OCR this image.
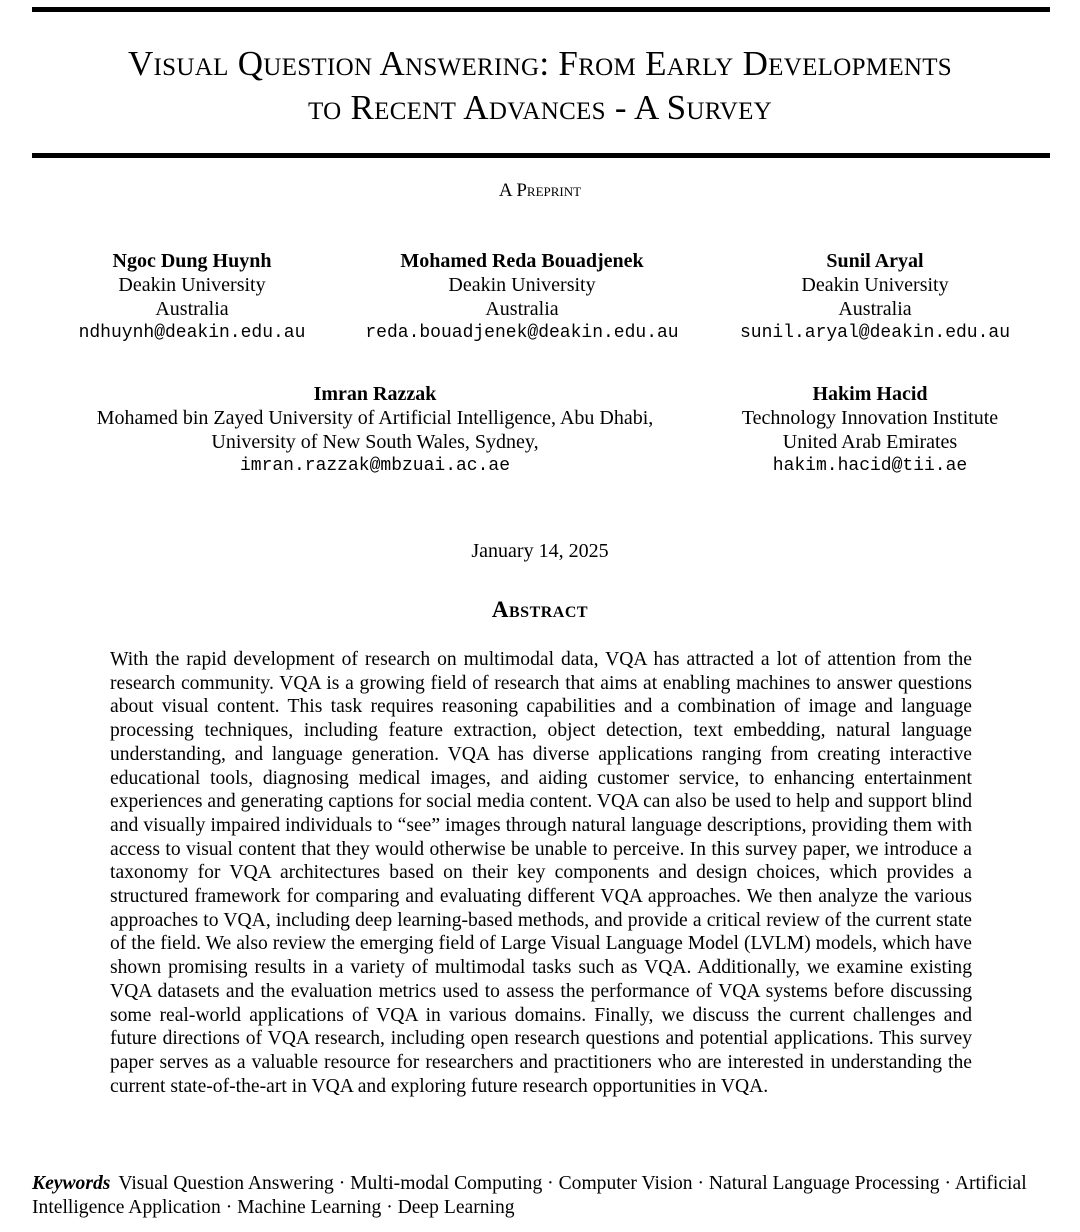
Visual Question Answering: From Early Developments
to Recent Advances - A Survey
A Preprint
Ngoc Dung Huynh
Deakin University
Australia
ndhuynh@deakin.edu.au
Mohamed Reda Bouadjenek
Deakin University
Australia
reda.bouadjenek@deakin.edu.au
Sunil Aryal
Deakin University
Australia
sunil.aryal@deakin.edu.au
Imran Razzak
Mohamed bin Zayed University of Artificial Intelligence, Abu Dhabi,
University of New South Wales, Sydney,
imran.razzak@mbzuai.ac.ae
Hakim Hacid
Technology Innovation Institute
United Arab Emirates
hakim.hacid@tii.ae
January 14, 2025
Abstract
With the rapid development of research on multimodal data, VQA has attracted a lot of attention from the research community. VQA is a growing field of research that aims at enabling machines to answer questions about visual content. This task requires reasoning capabilities and a combination of image and language processing techniques, including feature extraction, object detection, text embedding, natural language understanding, and language generation. VQA has diverse applications ranging from creating interactive educational tools, diagnosing medical images, and aiding customer service, to enhancing entertainment experiences and generating captions for social media content. VQA can also be used to help and support blind and visually impaired individuals to “see” images through natural language descriptions, providing them with access to visual content that they would otherwise be unable to perceive. In this survey paper, we introduce a taxonomy for VQA architectures based on their key components and design choices, which provides a structured framework for comparing and evaluating different VQA approaches. We then analyze the various approaches to VQA, including deep learning-based methods, and provide a critical review of the current state of the field. We also review the emerging field of Large Visual Language Model (LVLM) models, which have shown promising results in a variety of multimodal tasks such as VQA. Additionally, we examine existing VQA datasets and the evaluation metrics used to assess the performance of VQA systems before discussing some real-world applications of VQA in various domains. Finally, we discuss the current challenges and future directions of VQA research, including open research questions and potential applications. This survey paper serves as a valuable resource for researchers and practitioners who are interested in understanding the current state-of-the-art in VQA and exploring future research opportunities in VQA.
Keywords Visual Question Answering · Multi-modal Computing · Computer Vision · Natural Language Processing · Artificial Intelligence Application · Machine Learning · Deep Learning
